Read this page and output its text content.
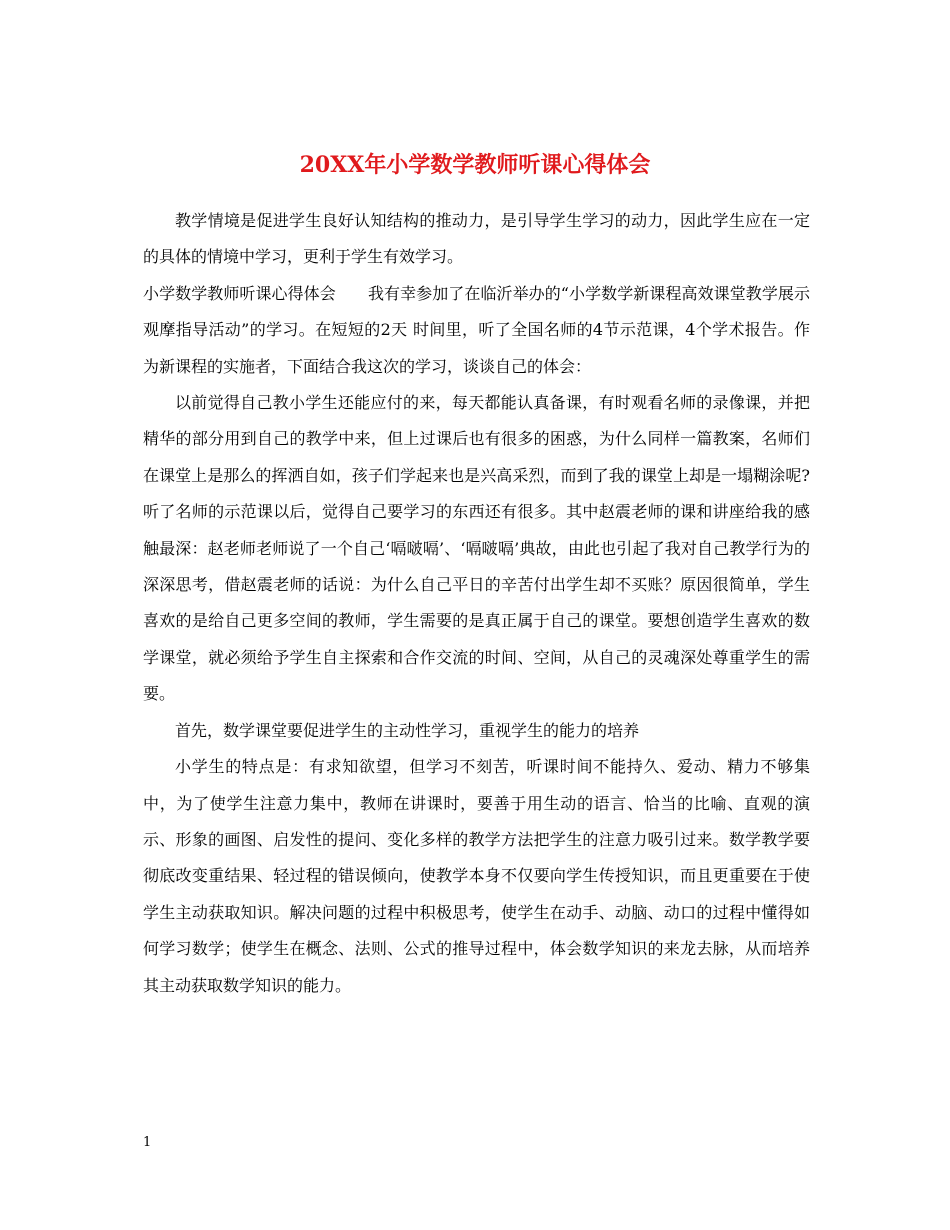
20XX年小学数学教师听课心得体会

教学情境是促进学生良好认知结构的推动力，是引导学生学习的动力，因此学生应在一定的具体的情境中学习，更利于学生有效学习。

小学数学教师听课心得体会　　我有幸参加了在临沂举办的“小学数学新课程高效课堂教学展示观摩指导活动”的学习。在短短的2天 时间里，听了全国名师的4节示范课，4个学术报告。作为新课程的实施者，下面结合我这次的学习，谈谈自己的体会：

以前觉得自己教小学生还能应付的来，每天都能认真备课，有时观看名师的录像课，并把精华的部分用到自己的教学中来，但上过课后也有很多的困惑，为什么同样一篇教案，名师们在课堂上是那么的挥洒自如，孩子们学起来也是兴高采烈，而到了我的课堂上却是一塌糊涂呢?听了名师的示范课以后，觉得自己要学习的东西还有很多。其中赵震老师的课和讲座给我的感触最深：赵老师老师说了一个自己‘嗝啵嗝’、‘嗝啵嗝’典故，由此也引起了我对自己教学行为的深深思考，借赵震老师的话说：为什么自己平日的辛苦付出学生却不买账？原因很简单，学生喜欢的是给自己更多空间的教师，学生需要的是真正属于自己的课堂。要想创造学生喜欢的数学课堂，就必须给予学生自主探索和合作交流的时间、空间，从自己的灵魂深处尊重学生的需要。

首先，数学课堂要促进学生的主动性学习，重视学生的能力的培养

小学生的特点是：有求知欲望，但学习不刻苦，听课时间不能持久、爱动、精力不够集中，为了使学生注意力集中，教师在讲课时，要善于用生动的语言、恰当的比喻、直观的演示、形象的画图、启发性的提问、变化多样的教学方法把学生的注意力吸引过来。数学教学要彻底改变重结果、轻过程的错误倾向，使教学本身不仅要向学生传授知识，而且更重要在于使学生主动获取知识。解决问题的过程中积极思考，使学生在动手、动脑、动口的过程中懂得如何学习数学；使学生在概念、法则、公式的推导过程中，体会数学知识的来龙去脉，从而培养其主动获取数学知识的能力。

1
